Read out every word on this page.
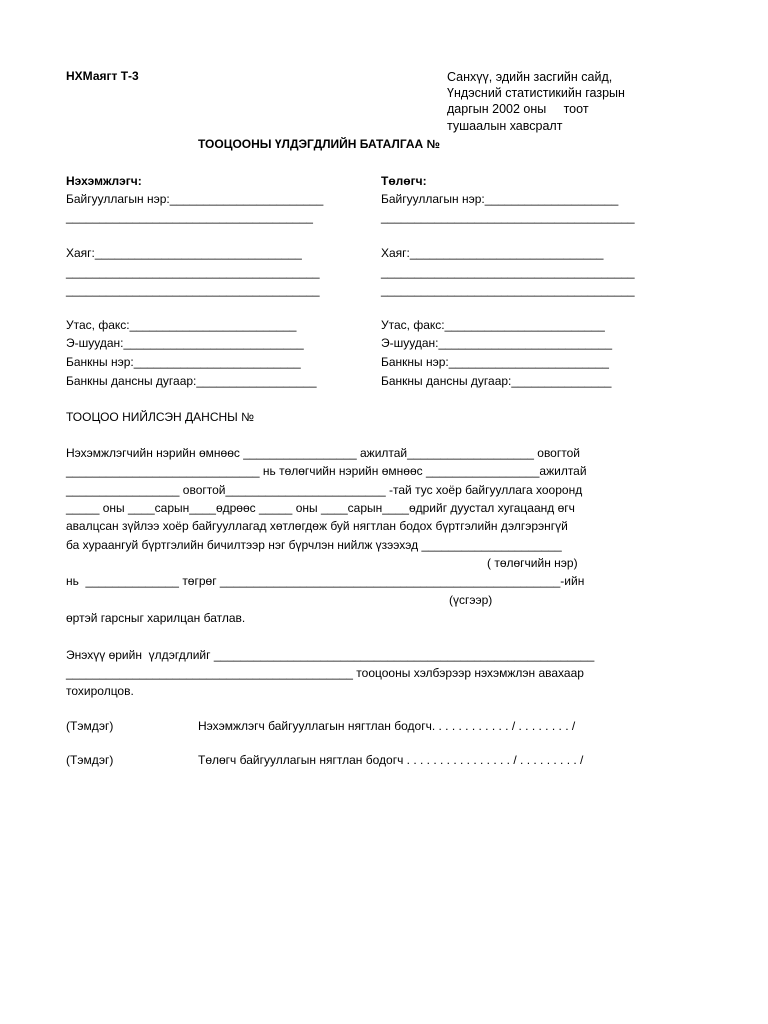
НХМаягт Т-3	Санхүү, эдийн засгийн сайд,
Үндэсний статистикийн газрын
даргын 2002 оны     тоот
тушаалын хавсралт
ТООЦООНЫ ҮЛДЭГДЛИЙН БАТАЛГАА №
Нэхэмжлэгч:
Байгууллагын нэр:_______________________
_____________________________________
Хаяг:_______________________________
______________________________________
______________________________________
Утас, факс:_________________________
Э-шуудан:___________________________
Банкны нэр:_________________________
Банкны дансны дугаар:__________________
Төлөгч:
Байгууллагын нэр:____________________
______________________________________
Хаяг:_____________________________
______________________________________
______________________________________
Утас, факс:________________________
Э-шуудан:__________________________
Банкны нэр:________________________
Банкны дансны дугаар:_______________
ТООЦОО НИЙЛСЭН ДАНСНЫ №
Нэхэмжлэгчийн нэрийн өмнөөс _________________ ажилтай___________________ овогтой
_____________________________ нь төлөгчийн нэрийн өмнөөс _________________ажилтай
_________________ овогтой________________________ -тай тус хоёр байгууллага хооронд
_____ оны ____сарын____өдрөөс _____ оны ____сарын____өдрийг дуустал хугацаанд өгч
авалцсан зүйлээ хоёр байгууллагад хөтлөгдөж буй нягтлан бодох бүртгэлийн дэлгэрэнгүй
ба хураангуй бүртгэлийн бичилтээр нэг бүрчлэн нийлж үзээхэд _____________________
( төлөгчийн нэр)
нь  ______________ төгрөг ___________________________________________________-ийн
(үсгээр)
өртэй гарсныг харилцан батлав.
Энэхүү өрийн  үлдэгдлийг _________________________________________________________
___________________________________________ тооцооны хэлбэрээр нэхэмжлэн авахаар
тохиролцов.
(Тэмдэг)	Нэхэмжлэгч байгууллагын нягтлан бодогч. . . . . . . . . . . . / . . . . . . . . /
(Тэмдэг)	Төлөгч байгууллагын нягтлан бодогч . . . . . . . . . . . . . . . . / . . . . . . . . . /
